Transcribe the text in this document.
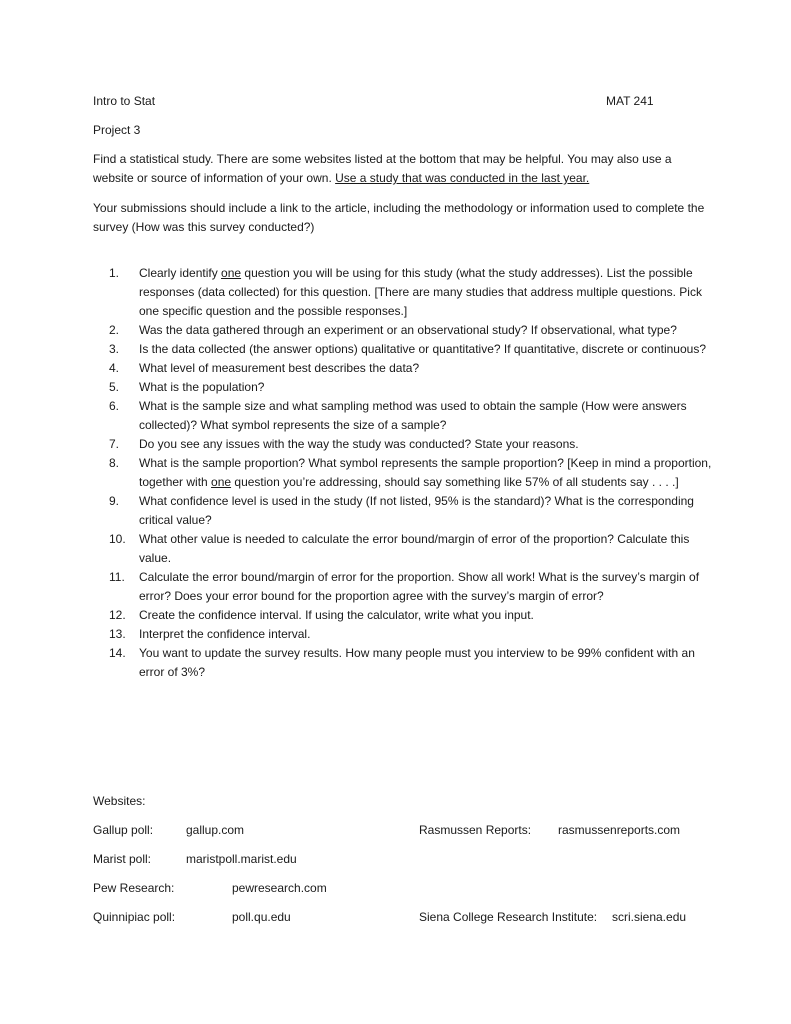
Intro to Stat	MAT 241
Project 3
Find a statistical study. There are some websites listed at the bottom that may be helpful. You may also use a website or source of information of your own. Use a study that was conducted in the last year.
Your submissions should include a link to the article, including the methodology or information used to complete the survey (How was this survey conducted?)
1.	Clearly identify one question you will be using for this study (what the study addresses). List the possible responses (data collected) for this question. [There are many studies that address multiple questions. Pick one specific question and the possible responses.]
2.	Was the data gathered through an experiment or an observational study? If observational, what type?
3.	Is the data collected (the answer options) qualitative or quantitative? If quantitative, discrete or continuous?
4.	What level of measurement best describes the data?
5.	What is the population?
6.	What is the sample size and what sampling method was used to obtain the sample (How were answers collected)? What symbol represents the size of a sample?
7.	Do you see any issues with the way the study was conducted? State your reasons.
8.	What is the sample proportion? What symbol represents the sample proportion? [Keep in mind a proportion, together with one question you’re addressing, should say something like 57% of all students say . . . .]
9.	What confidence level is used in the study (If not listed, 95% is the standard)? What is the corresponding critical value?
10.	What other value is needed to calculate the error bound/margin of error of the proportion? Calculate this value.
11.	Calculate the error bound/margin of error for the proportion. Show all work! What is the survey’s margin of error? Does your error bound for the proportion agree with the survey’s margin of error?
12.	Create the confidence interval. If using the calculator, write what you input.
13.	Interpret the confidence interval.
14.	You want to update the survey results. How many people must you interview to be 99% confident with an error of 3%?
Websites:
Gallup poll:	gallup.com	Rasmussen Reports: rasmussenreports.com
Marist poll:	maristpoll.marist.edu
Pew Research:	pewresearch.com
Quinnipiac poll:	poll.qu.edu	Siena College Research Institute: scri.siena.edu
